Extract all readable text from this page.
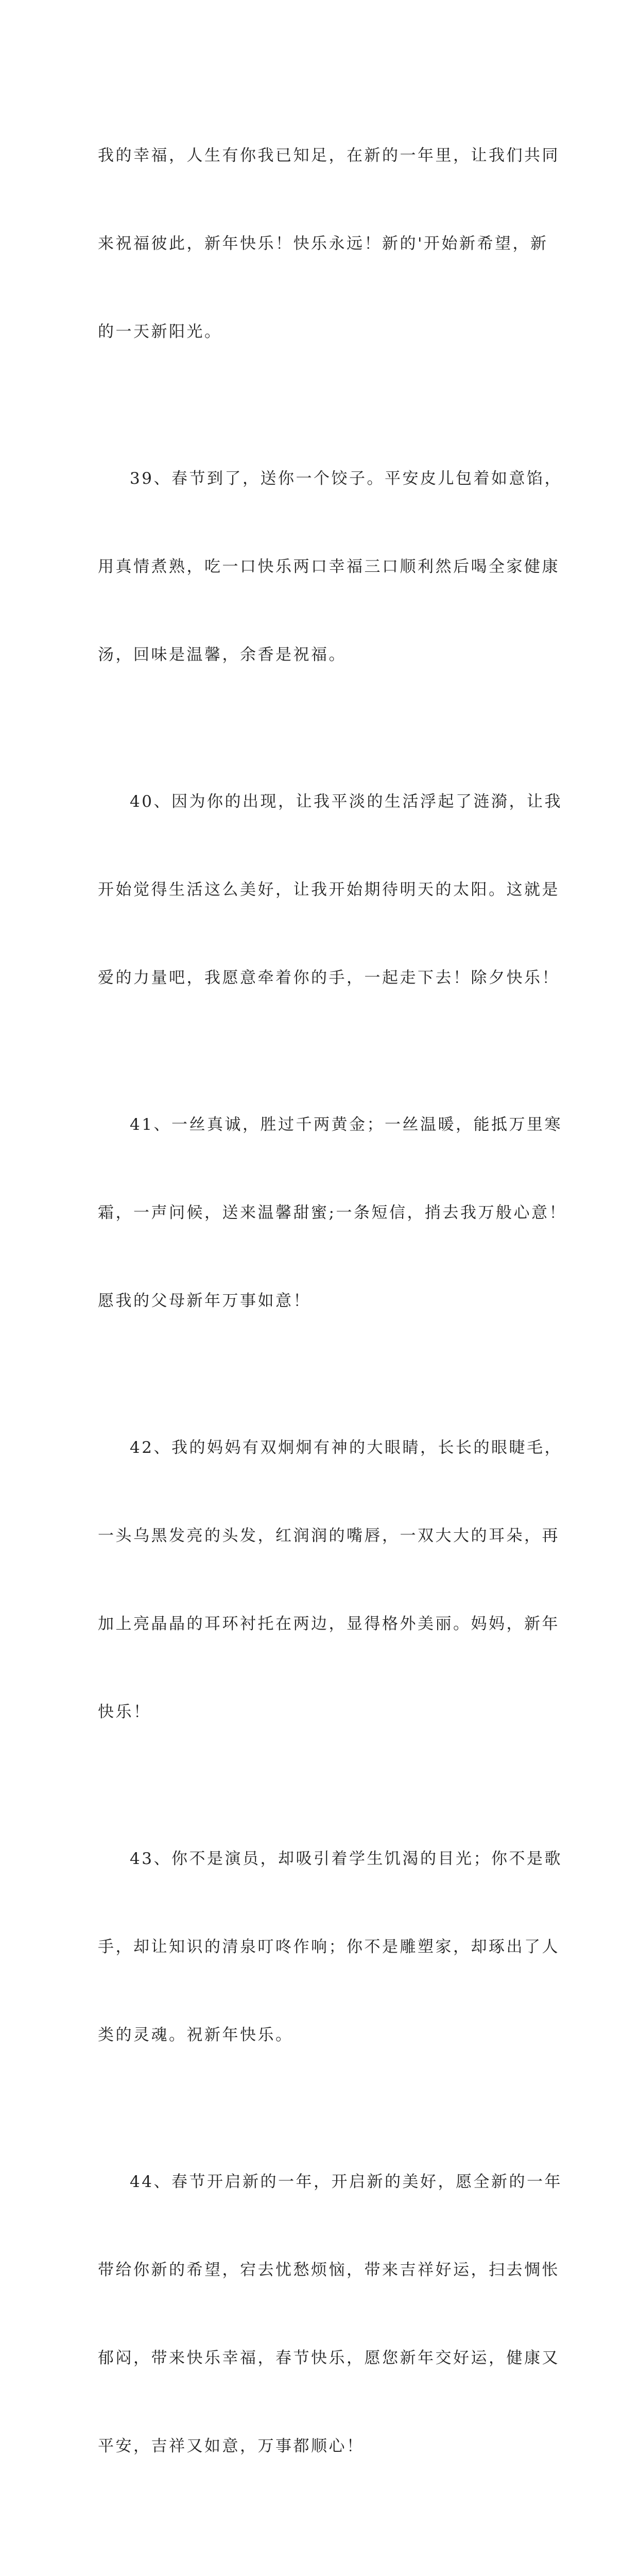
我的幸福，人生有你我已知足，在新的一年里，让我们共同

来祝福彼此，新年快乐！快乐永远！新的'开始新希望，新

的一天新阳光。

39、春节到了，送你一个饺子。平安皮儿包着如意馅，

用真情煮熟，吃一口快乐两口幸福三口顺利然后喝全家健康

汤，回味是温馨，余香是祝福。

40、因为你的出现，让我平淡的生活浮起了涟漪，让我

开始觉得生活这么美好，让我开始期待明天的太阳。这就是

爱的力量吧，我愿意牵着你的手，一起走下去！除夕快乐！

41、一丝真诚，胜过千两黄金；一丝温暖，能抵万里寒

霜，一声问候，送来温馨甜蜜;一条短信，捎去我万般心意！

愿我的父母新年万事如意！

42、我的妈妈有双炯炯有神的大眼睛，长长的眼睫毛，

一头乌黑发亮的头发，红润润的嘴唇，一双大大的耳朵，再

加上亮晶晶的耳环衬托在两边，显得格外美丽。妈妈，新年

快乐！

43、你不是演员，却吸引着学生饥渴的目光；你不是歌

手，却让知识的清泉叮咚作响；你不是雕塑家，却琢出了人

类的灵魂。祝新年快乐。

44、春节开启新的一年，开启新的美好，愿全新的一年

带给你新的希望，宕去忧愁烦恼，带来吉祥好运，扫去惆怅

郁闷，带来快乐幸福，春节快乐，愿您新年交好运，健康又

平安，吉祥又如意，万事都顺心！
